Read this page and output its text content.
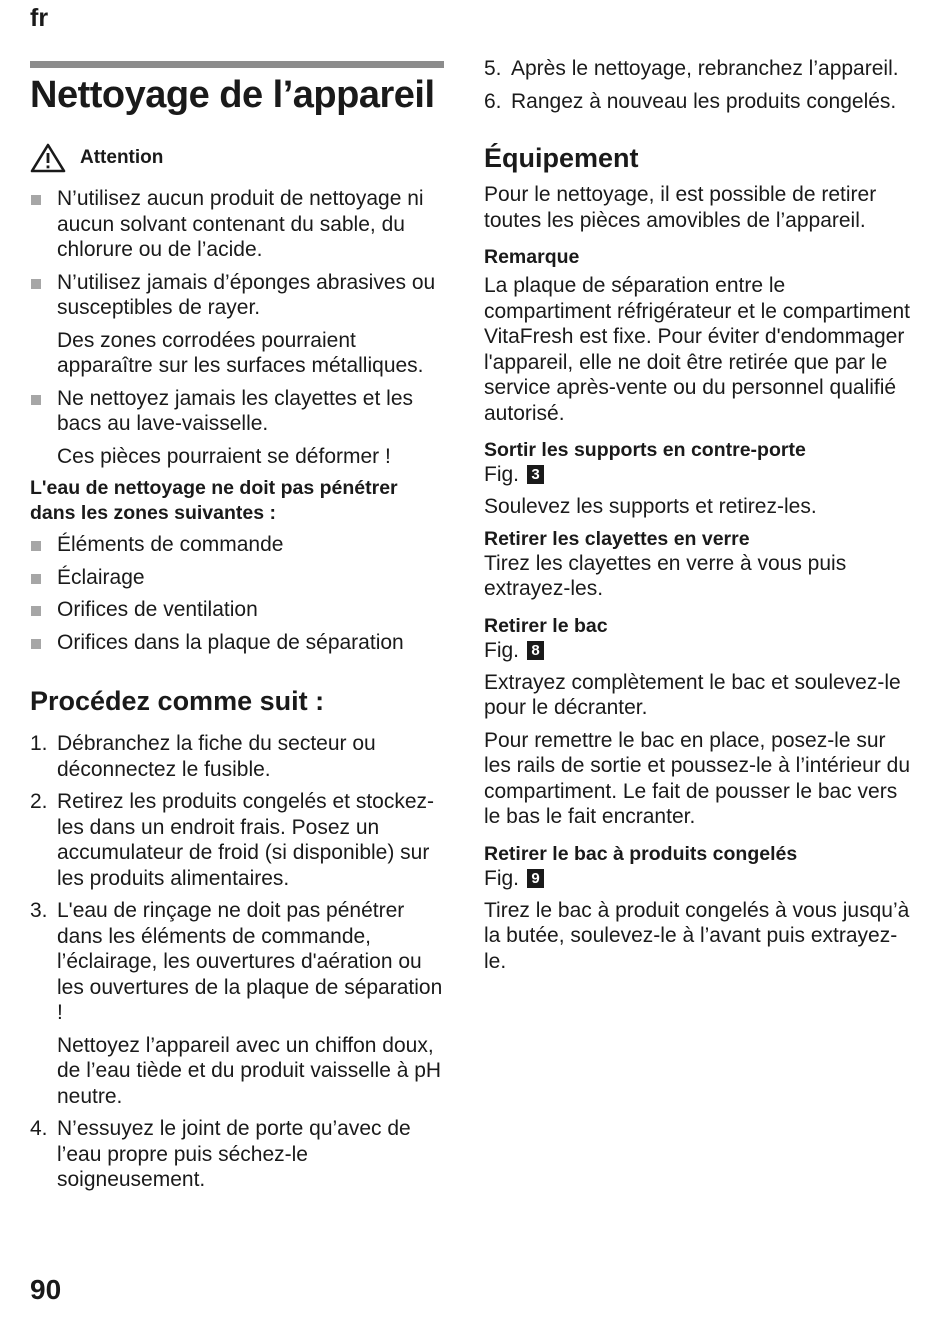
fr
Nettoyage de l’appareil
Attention
N’utilisez aucun produit de nettoyage ni aucun solvant contenant du sable, du chlorure ou de l’acide.
N’utilisez jamais d’éponges abrasives ou susceptibles de rayer.

Des zones corrodées pourraient apparaître sur les surfaces métalliques.

Ne nettoyez jamais les clayettes et les bacs au lave-vaisselle.

Ces pièces pourraient se déformer !

L'eau de nettoyage ne doit pas pénétrer dans les zones suivantes :

Éléments de commande
Éclairage
Orifices de ventilation
Orifices dans la plaque de séparation
Procédez comme suit :
1. Débranchez la fiche du secteur ou déconnectez le fusible.
2. Retirez les produits congelés et stockez-les dans un endroit frais. Posez un accumulateur de froid (si disponible) sur les produits alimentaires.
3. L'eau de rinçage ne doit pas pénétrer dans les éléments de commande, l’éclairage, les ouvertures d'aération ou les ouvertures de la plaque de séparation !

Nettoyez l’appareil avec un chiffon doux, de l’eau tiède et du produit vaisselle à pH neutre.

4. N’essuyez le joint de porte qu’avec de l’eau propre puis séchez-le soigneusement.
5. Après le nettoyage, rebranchez l’appareil.
6. Rangez à nouveau les produits congelés.
Équipement

Pour le nettoyage, il est possible de retirer toutes les pièces amovibles de l’appareil.

Remarque

La plaque de séparation entre le compartiment réfrigérateur et le compartiment VitaFresh est fixe. Pour éviter d'endommager l'appareil, elle ne doit être retirée que par le service après-vente ou du personnel qualifié autorisé.

Sortir les supports en contre-porte

Fig. 3

Soulevez les supports et retirez-les.

Retirer les clayettes en verre

Tirez les clayettes en verre à vous puis extrayez-les.

Retirer le bac

Fig. 8

Extrayez complètement le bac et soulevez-le pour le décranter.

Pour remettre le bac en place, posez-le sur les rails de sortie et poussez-le à l’intérieur du compartiment. Le fait de pousser le bac vers le bas le fait encranter.

Retirer le bac à produits congelés

Fig. 9

Tirez le bac à produit congelés à vous jusqu’à la butée, soulevez-le à l’avant puis extrayez-le.

90
